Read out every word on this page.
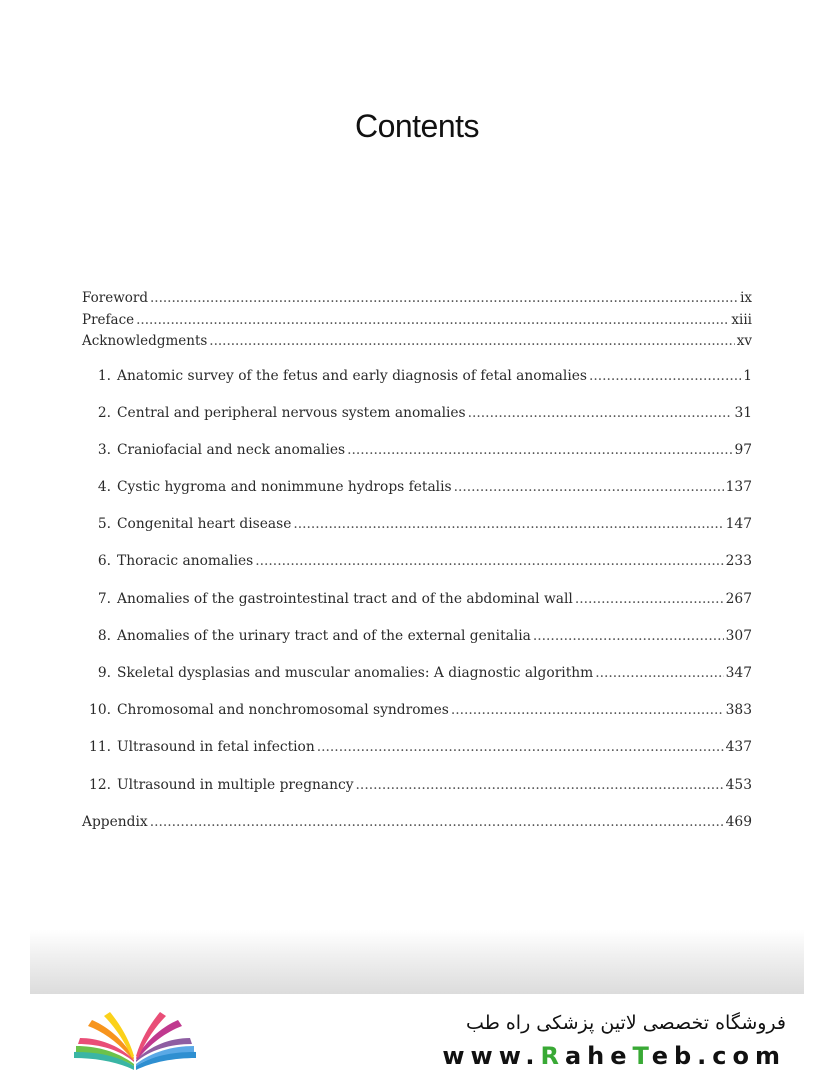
Contents
Foreword .....	ix
Preface .....	xiii
Acknowledgments .....	xv
1. Anatomic survey of the fetus and early diagnosis of fetal anomalies .....	1
2. Central and peripheral nervous system anomalies .....	31
3. Craniofacial and neck anomalies .....	97
4. Cystic hygroma and nonimmune hydrops fetalis .....	137
5. Congenital heart disease .....	147
6. Thoracic anomalies .....	233
7. Anomalies of the gastrointestinal tract and of the abdominal wall .....	267
8. Anomalies of the urinary tract and of the external genitalia .....	307
9. Skeletal dysplasias and muscular anomalies: A diagnostic algorithm .....	347
10. Chromosomal and nonchromosomal syndromes .....	383
11. Ultrasound in fetal infection .....	437
12. Ultrasound in multiple pregnancy .....	453
Appendix .....	469
فروشگاه تخصصی لاتین پزشکی راه طب
www.RaheTeb.com
